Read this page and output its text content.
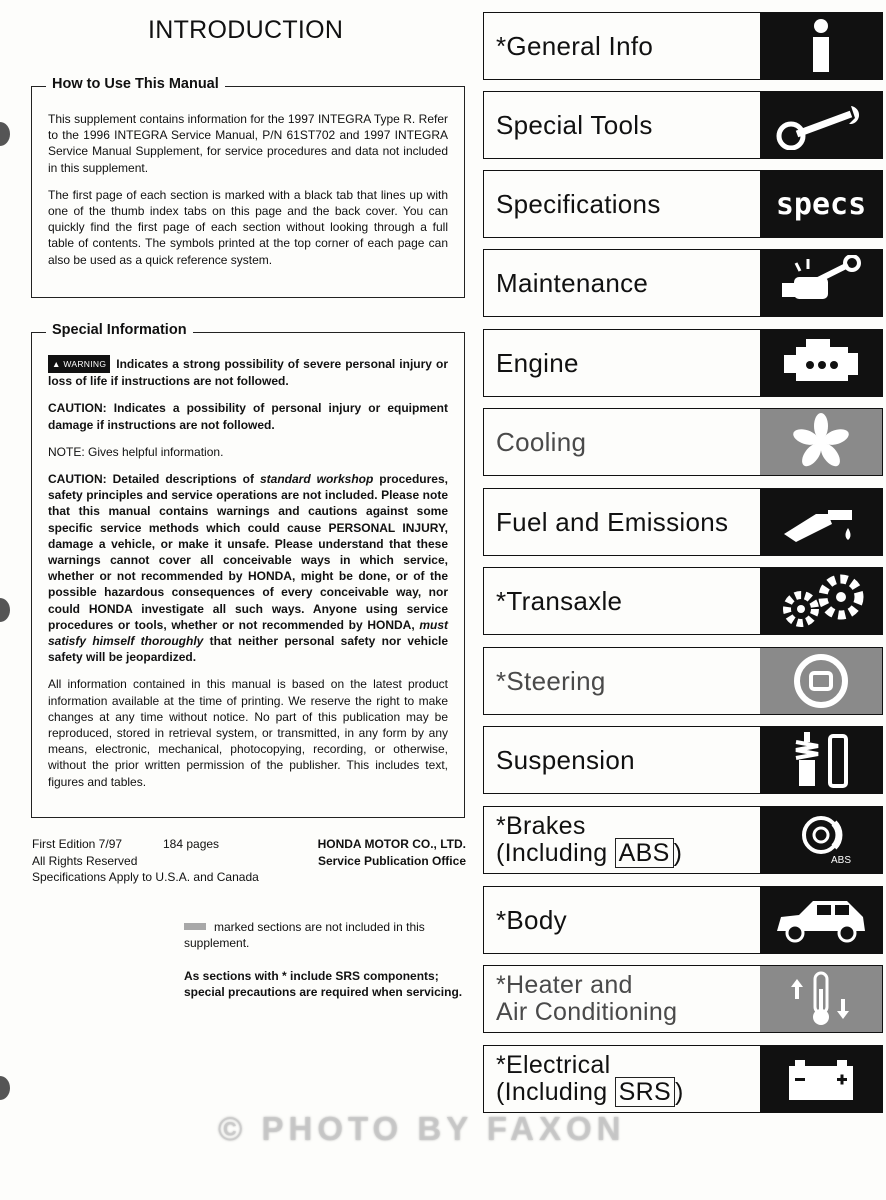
INTRODUCTION
How to Use This Manual

This supplement contains information for the 1997 INTEGRA Type R. Refer to the 1996 INTEGRA Service Manual, P/N 61ST702 and 1997 INTEGRA Service Manual Supplement, for service procedures and data not included in this supplement.

The first page of each section is marked with a black tab that lines up with one of the thumb index tabs on this page and the back cover. You can quickly find the first page of each section without looking through a full table of contents. The symbols printed at the top corner of each page can also be used as a quick reference system.

Special Information

▲ WARNING Indicates a strong possibility of severe personal injury or loss of life if instructions are not followed.

CAUTION: Indicates a possibility of personal injury or equipment damage if instructions are not followed.

NOTE: Gives helpful information.

CAUTION: Detailed descriptions of standard workshop procedures, safety principles and service operations are not included. Please note that this manual contains warnings and cautions against some specific service methods which could cause PERSONAL INJURY, damage a vehicle, or make it unsafe. Please understand that these warnings cannot cover all conceivable ways in which service, whether or not recommended by HONDA, might be done, or of the possible hazardous consequences of every conceivable way, nor could HONDA investigate all such ways. Anyone using service procedures or tools, whether or not recommended by HONDA, must satisfy himself thoroughly that neither personal safety nor vehicle safety will be jeopardized.

All information contained in this manual is based on the latest product information available at the time of printing. We reserve the right to make changes at any time without notice. No part of this publication may be reproduced, stored in retrieval system, or transmitted, in any form by any means, electronic, mechanical, photocopying, recording, or otherwise, without the prior written permission of the publisher. This includes text, figures and tables.

First Edition 7/97
All Rights Reserved
Specifications Apply to U.S.A. and Canada
184 pages	HONDA MOTOR CO., LTD.
Service Publication Office
marked sections are not included in this supplement.
As sections with * include SRS components; special precautions are required when servicing.
*General Info
Special Tools
Specifications	specs
Maintenance
Engine
Cooling
Fuel and Emissions
*Transaxle
*Steering
Suspension
*Brakes
(Including ABS )	ABS
*Body
*Heater and
Air Conditioning
*Electrical
(Including SRS )
© PHOTO BY FAXON
